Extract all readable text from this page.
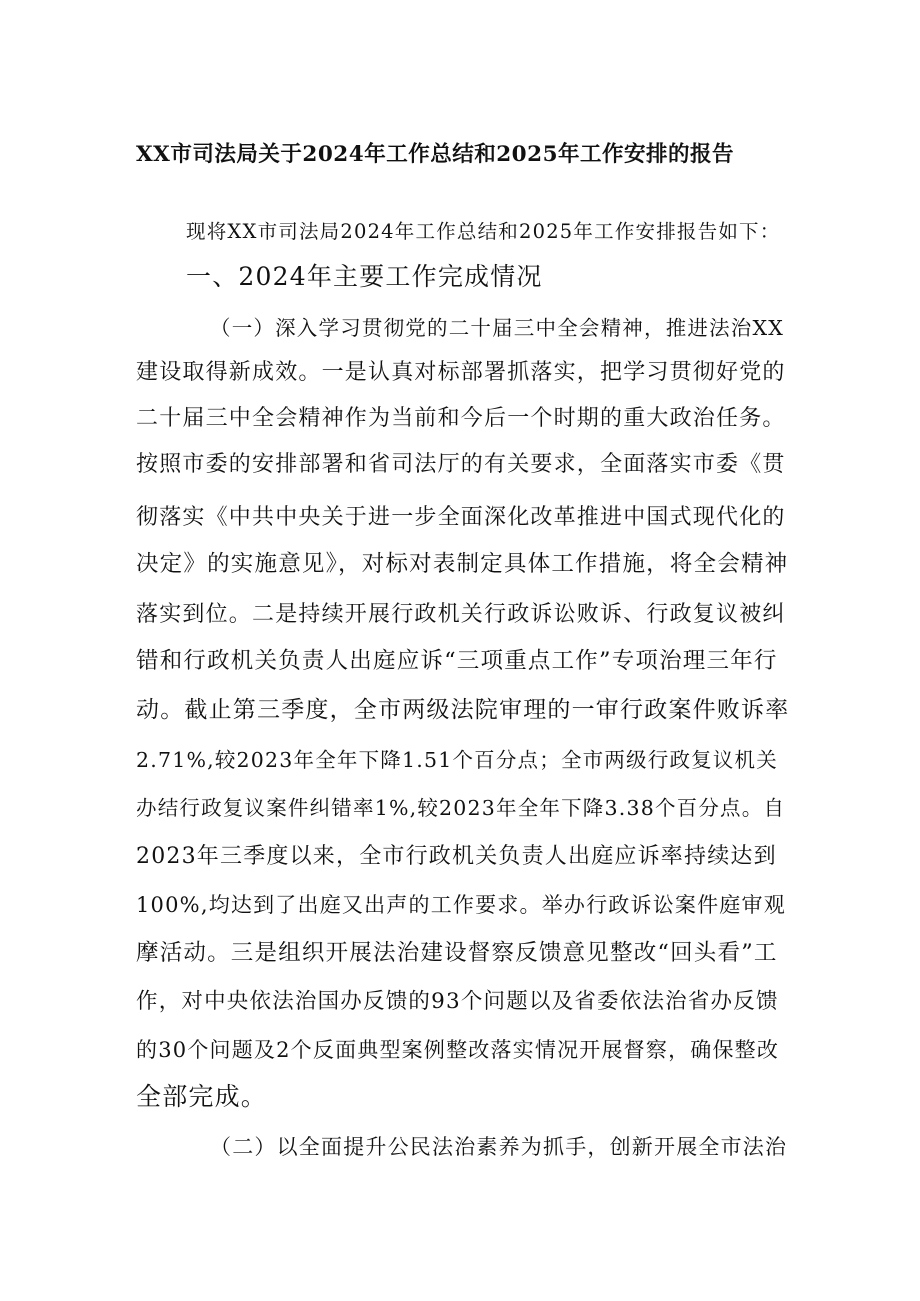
XX市司法局关于2024年工作总结和2025年工作安排的报告
现将XX市司法局2024年工作总结和2025年工作安排报告如下：
一、2024年主要工作完成情况
（一）深入学习贯彻党的二十届三中全会精神，推进法治XX
建设取得新成效。一是认真对标部署抓落实，把学习贯彻好党的
二十届三中全会精神作为当前和今后一个时期的重大政治任务。
按照市委的安排部署和省司法厅的有关要求，全面落实市委《贯
彻落实《中共中央关于进一步全面深化改革推进中国式现代化的
决定》的实施意见》，对标对表制定具体工作措施，将全会精神
落实到位。二是持续开展行政机关行政诉讼败诉、行政复议被纠
错和行政机关负责人出庭应诉“三项重点工作”专项治理三年行
动。截止第三季度，全市两级法院审理的一审行政案件败诉率
2.71%,较2023年全年下降1.51个百分点；全市两级行政复议机关
办结行政复议案件纠错率1%,较2023年全年下降3.38个百分点。自
2023年三季度以来，全市行政机关负责人出庭应诉率持续达到
100%,均达到了出庭又出声的工作要求。举办行政诉讼案件庭审观
摩活动。三是组织开展法治建设督察反馈意见整改“回头看”工
作，对中央依法治国办反馈的93个问题以及省委依法治省办反馈
的30个问题及2个反面典型案例整改落实情况开展督察，确保整改
全部完成。
（二）以全面提升公民法治素养为抓手，创新开展全市法治
